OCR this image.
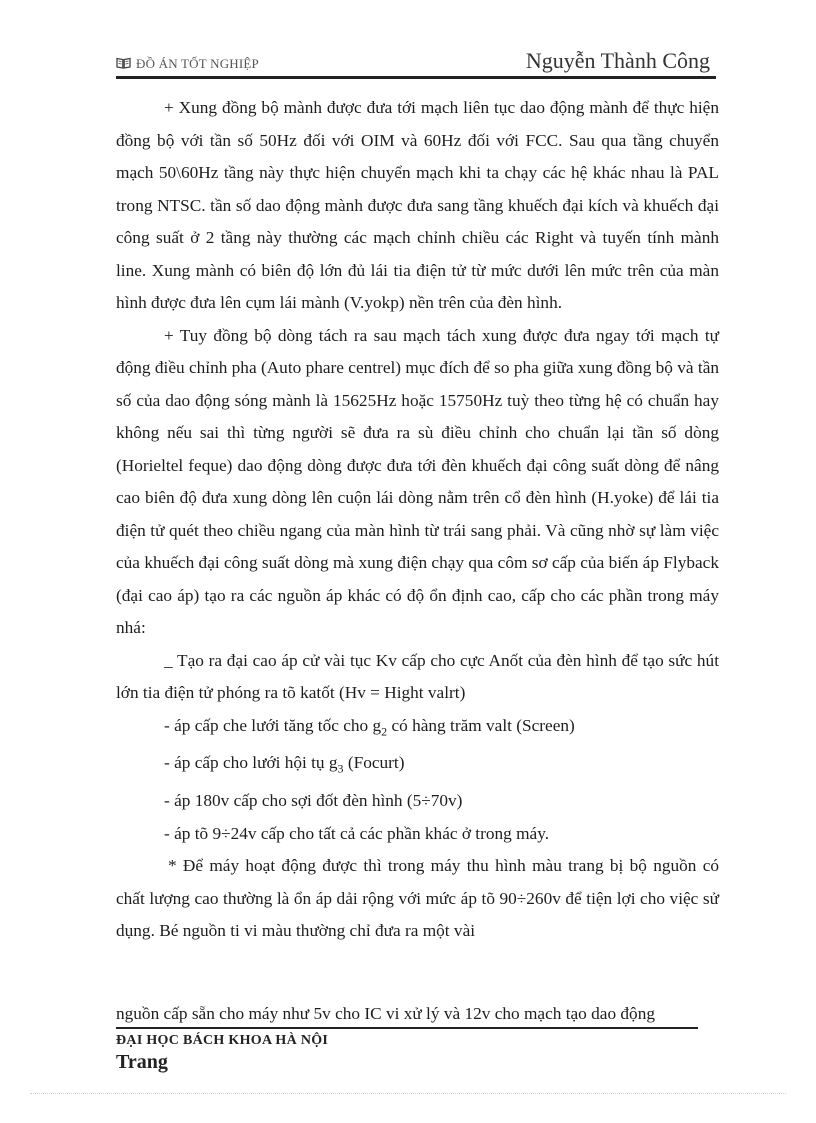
ĐỒ ÁN TỐT NGHIỆP	Nguyễn Thành Công

+ Xung đồng bộ mành được đưa tới mạch liên tục dao động mành để thực hiện đồng bộ với tần số 50Hz đối với OIM và 60Hz đối với FCC. Sau qua tầng chuyển mạch 50\60Hz tầng này thực hiện chuyển mạch khi ta chạy các hệ khác nhau là PAL trong NTSC. tần số dao động mành được đưa sang tầng khuếch đại kích và khuếch đại công suất ở 2 tầng này thường các mạch chỉnh chiều các Right và tuyến tính mành line. Xung mành có biên độ lớn đủ lái tia điện tử từ mức dưới lên mức trên của màn hình được đưa lên cụm lái mành (V.yokp) nền trên của đèn hình.

+ Tuy đồng bộ dòng tách ra sau mạch tách xung được đưa ngay tới mạch tự động điều chỉnh pha (Auto phare centrel) mục đích để so pha giữa xung đồng bộ và tần số của dao động sóng mành là 15625Hz hoặc 15750Hz tuỳ theo từng hệ có chuẩn hay không nếu sai thì từng người sẽ đưa ra sù điều chỉnh cho chuẩn lại tần số dòng (Horieltel feque) dao động dòng được đưa tới đèn khuếch đại công suất dòng để nâng cao biên độ đưa xung dòng lên cuộn lái dòng nằm trên cổ đèn hình (H.yoke) để lái tia điện tử quét theo chiều ngang của màn hình từ trái sang phải. Và cũng nhờ sự làm việc của khuếch đại công suất dòng mà xung điện chạy qua côm sơ cấp của biến áp Flyback (đại cao áp) tạo ra các nguồn áp khác có độ ổn định cao, cấp cho các phần trong máy nhá:

_ Tạo ra đại cao áp cử vài tục Kv cấp cho cực Anốt của đèn hình để tạo sức hút lớn tia điện tử phóng ra tõ katốt (Hv = Hight valrt)

- áp cấp che lưới tăng tốc cho $g_2$ có hàng trăm valt (Screen)

- áp cấp cho lưới hội tụ $g_3$ (Focurt)

- áp 180v cấp cho sợi đốt đèn hình (5÷70v)

- áp tõ 9÷24v cấp cho tất cả các phần khác ở trong máy.

* Để máy hoạt động được thì trong máy thu hình màu trang bị bộ nguồn có chất lượng cao thường là ổn áp dải rộng với mức áp tõ 90÷260v để tiện lợi cho việc sử dụng. Bé nguồn ti vi màu thường chỉ đưa ra một vài

nguồn cấp sẵn cho máy như 5v cho IC vi xử lý và 12v cho mạch tạo dao động
ĐẠI HỌC BÁCH KHOA HÀ NỘI
Trang
